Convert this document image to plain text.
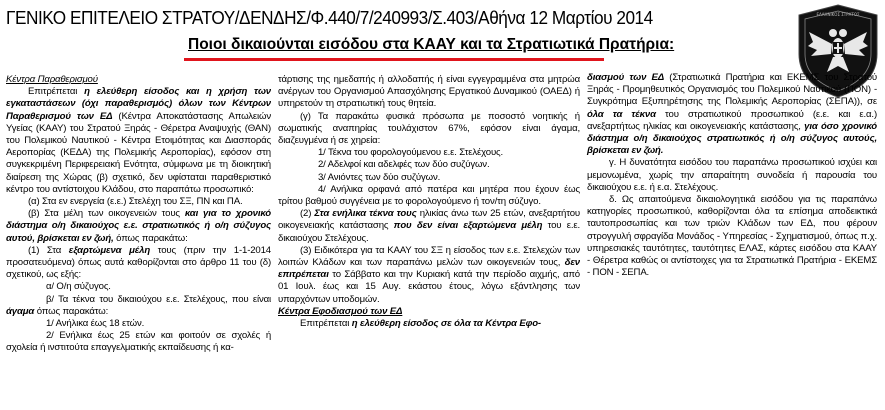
ΓΕΝΙΚΟ ΕΠΙΤΕΛΕΙΟ ΣΤΡΑΤΟΥ/ΔΕΝΔΗΣ/Φ.440/7/240993/Σ.403/Αθήνα 12 Μαρτίου 2014
Ποιοι δικαιούνται εισόδου στα ΚΑΑΥ και τα Στρατιωτικά Πρατήρια:
ΕΛΛΗΝΙΚΟΣ ΣΤΡΑΤΟΣ

Κέντρα Παραθερισμού

Επιτρέπεται η ελεύθερη είσοδος και η χρήση των εγκαταστάσεων (όχι παραθερισμός) όλων των Κέντρων Παραθερισμού των ΕΔ (Κέντρα Αποκατάστασης Απωλειών Υγείας (ΚΑΑΥ) του Στρατού Ξηράς - Θέρετρα Αναψυχής (ΘΑΝ) του Πολεμικού Ναυτικού - Κέντρα Ετοιμότητας και Διασποράς Αεροπορίας (ΚΕΔΑ) της Πολεμικής Αεροπορίας), εφόσον στη συγκεκριμένη Περιφερειακή Ενότητα, σύμφωνα με τη διοικητική διαίρεση της Χώρας (β) σχετικό, δεν υφίσταται παραθεριστικό κέντρο του αντίστοιχου Κλάδου, στο παραπάτω προσωπικό:

(α) Στα εν ενεργεία (ε.ε.) Στελέχη του ΣΞ, ΠΝ και ΠΑ.

(β) Στα μέλη των οικογενειών τους και για το χρονικό διάστημα ο/η δικαιούχος ε.ε. στρατιωτικός ή ο/η σύζυγος αυτού, βρίσκεται εν ζωή, όπως παρακάτω:

(1) Στα εξαρτώμενα μέλη τους (πριν την 1-1-2014 προσατευόμενα) όπως αυτά καθορίζονται στο άρθρο 11 του (δ) σχετικού, ως εξής:

α/ Ο/η σύζυγος.

β/ Τα τέκνα του δικαιούχου ε.ε. Στελέχους, που είναι άγαμα όπως παρακάτω:

1/ Ανήλικα έως 18 ετών.

2/ Ενήλικα έως 25 ετών και φοιτούν σε σχολές ή σχολεία ή ινστιτούτα επαγγελματικής εκπαίδευσης ή κα-

τάρτισης της ημεδαπής ή αλλοδαπής ή είναι εγγεγραμμένα στα μητρώα ανέργων του Οργανισμού Απασχόλησης Εργατικού Δυναμικού (ΟΑΕΔ) ή υπηρετούν τη στρατιωτική τους θητεία.

(γ) Τα παρακάτω φυσικά πρόσωπα με ποσοστό νοητικής ή σωματικής αναπηρίας τουλάχιστον 67%, εφόσον είναι άγαμα, διαζευγμένα ή σε χηρεία:

1/ Τέκνα του φορολογούμενου ε.ε. Στελέχους.

2/ Αδελφοί και αδελφές των δύο συζύγων.

3/ Ανιόντες των δύο συζύγων.

4/ Ανήλικα ορφανά από πατέρα και μητέρα που έχουν έως τρίτου βαθμού συγγένεια με το φορολογούμενο ή τον/τη σύζυγο.

(2) Στα ενήλικα τέκνα τους ηλικίας άνω των 25 ετών, ανεξαρτήτου οικογενειακής κατάστασης που δεν είναι εξαρτώμενα μέλη του ε.ε. δικαιούχου Στελέχους.

(3) Ειδικότερα για τα ΚΑΑΥ του ΣΞ η είσοδος των ε.ε. Στελεχών των λοιπών Κλάδων και των παραπάνω μελών των οικογενειών τους, δεν επιτρέπεται το Σάββατο και την Κυριακή κατά την περίοδο αιχμής, από 01 Ιουλ. έως και 15 Αυγ. εκάστου έτους, λόγω εξάντλησης των υπαρχόντων υποδομών.

Κέντρα Εφοδιασμού των ΕΔ

Επιτρέπεται η ελεύθερη είσοδος σε όλα τα Κέντρα Εφο-

διασμού των ΕΔ (Στρατιωτικά Πρατήρια και ΕΚΕΜΣ του Στρατού Ξηράς - Προμηθευτικός Οργανισμός του Πολεμικού Ναυτικού (ΠΟΝ) - Συγκρότημα Εξυπηρέτησης της Πολεμικής Αεροπορίας (ΣΕΠΑ)), σε όλα τα τέκνα του στρατιωτικού προσωπικού (ε.ε. και ε.α.) ανεξαρτήτως ηλικίας και οικογενειακής κατάστασης, για όσο χρονικό διάστημα ο/η δικαιούχος στρατιωτικός ή ο/η σύζυγος αυτούς, βρίσκεται εν ζωή.

γ. Η δυνατότητα εισόδου του παραπάνω προσωπικού ισχύει και μεμονωμένα, χωρίς την απαραίτητη συνοδεία ή παρουσία του δικαιούχου ε.ε. ή ε.α. Στελέχους.

δ. Ως απαιτούμενα δικαιολογητικά εισόδου για τις παραπάνω κατηγορίες προσωπικού, καθορίζονται όλα τα επίσημα αποδεικτικά ταυτοπροσωπίας και των τριών Κλάδων των ΕΔ, που φέρουν στρογγυλή σφραγίδα Μονάδος - Υπηρεσίας - Σχηματισμού, όπως π.χ. υπηρεσιακές ταυτότητες, ταυτότητες ΕΛΑΣ, κάρτες εισόδου στα ΚΑΑΥ - Θέρετρα καθώς οι αντίστοιχες για τα Στρατιωτικά Πρατήρια - ΕΚΕΜΣ - ΠΟΝ - ΣΕΠΑ.
